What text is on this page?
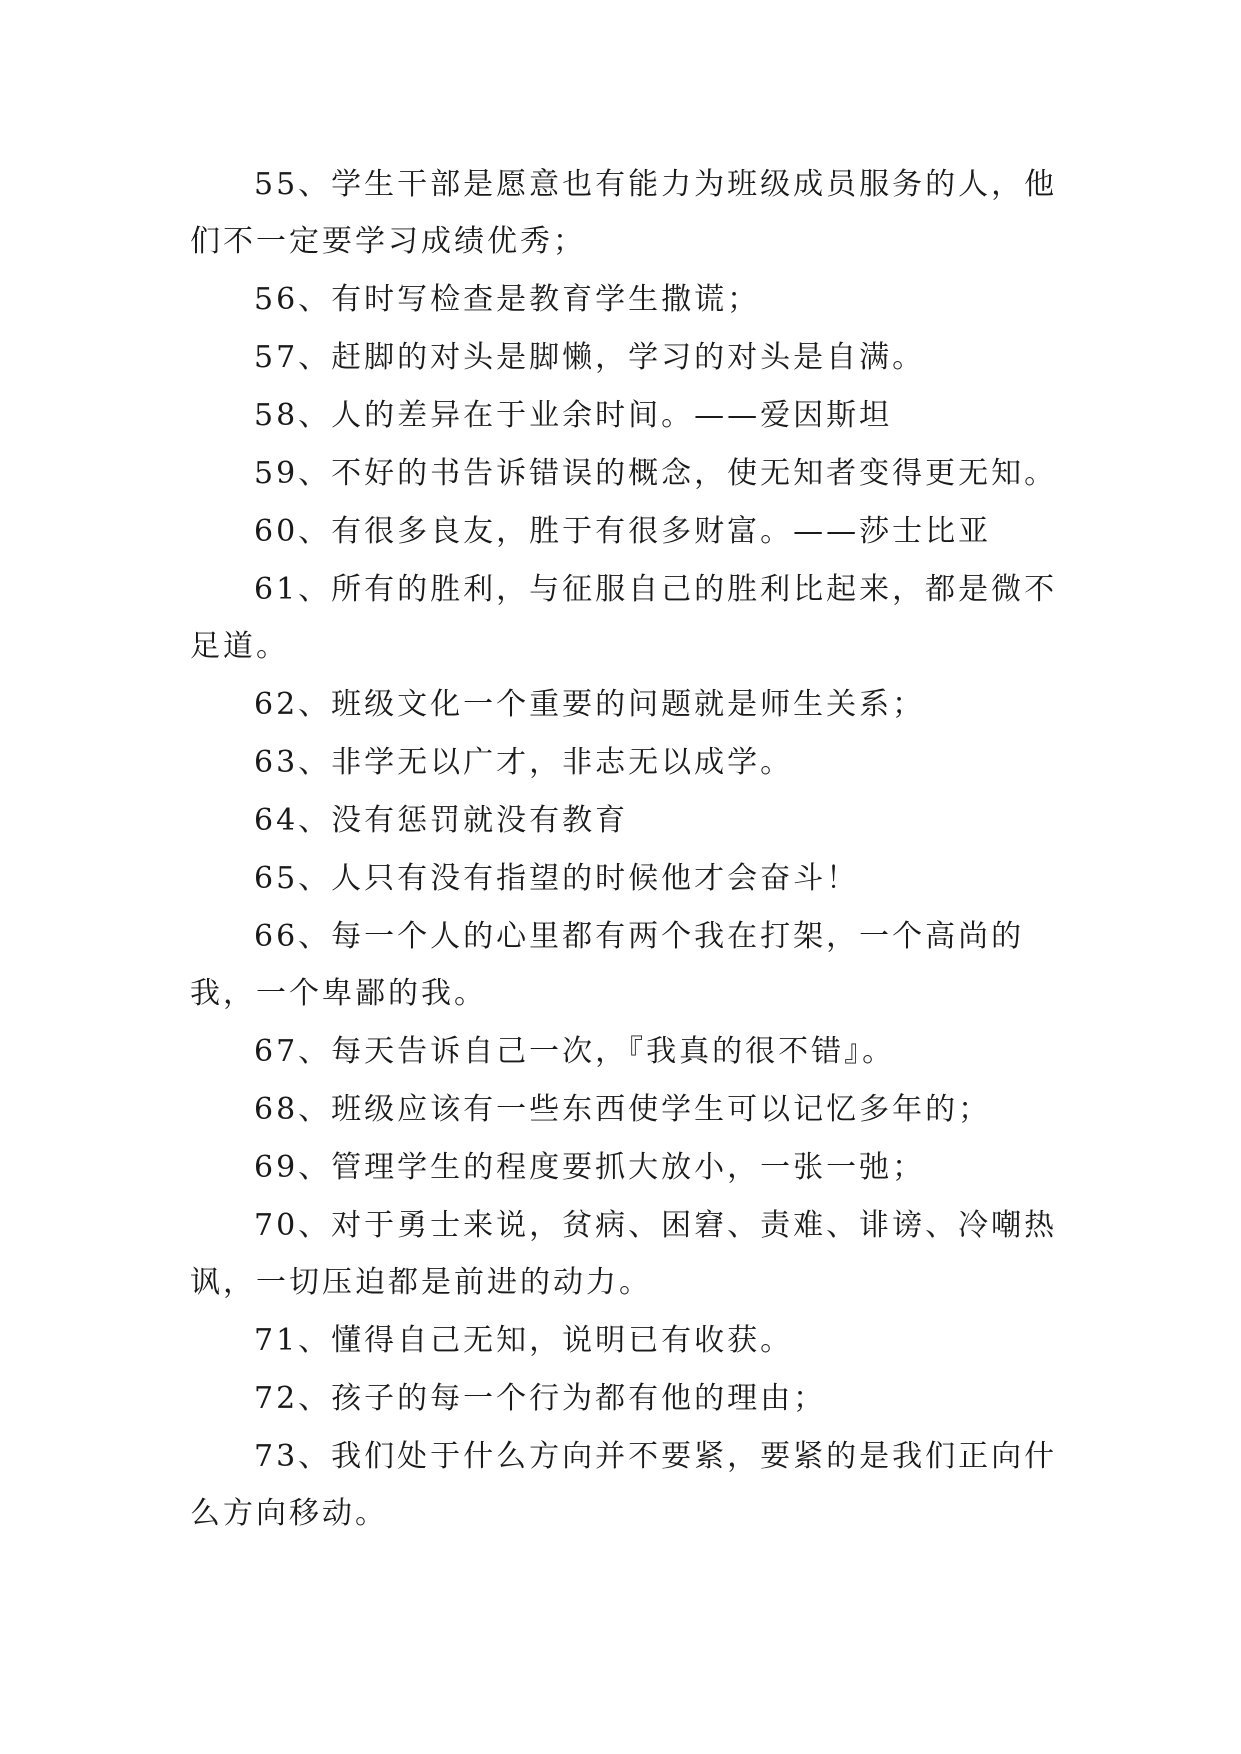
55、学生干部是愿意也有能力为班级成员服务的人，他们不一定要学习成绩优秀；

56、有时写检查是教育学生撒谎；

57、赶脚的对头是脚懒，学习的对头是自满。

58、人的差异在于业余时间。——爱因斯坦

59、不好的书告诉错误的概念，使无知者变得更无知。

60、有很多良友，胜于有很多财富。——莎士比亚

61、所有的胜利，与征服自己的胜利比起来，都是微不足道。

62、班级文化一个重要的问题就是师生关系；

63、非学无以广才，非志无以成学。

64、没有惩罚就没有教育

65、人只有没有指望的时候他才会奋斗！

66、每一个人的心里都有两个我在打架，一个高尚的我，一个卑鄙的我。

67、每天告诉自己一次，『我真的很不错』。

68、班级应该有一些东西使学生可以记忆多年的；

69、管理学生的程度要抓大放小，一张一弛；

70、对于勇士来说，贫病、困窘、责难、诽谤、冷嘲热讽，一切压迫都是前进的动力。

71、懂得自己无知，说明已有收获。

72、孩子的每一个行为都有他的理由；

73、我们处于什么方向并不要紧，要紧的是我们正向什么方向移动。
